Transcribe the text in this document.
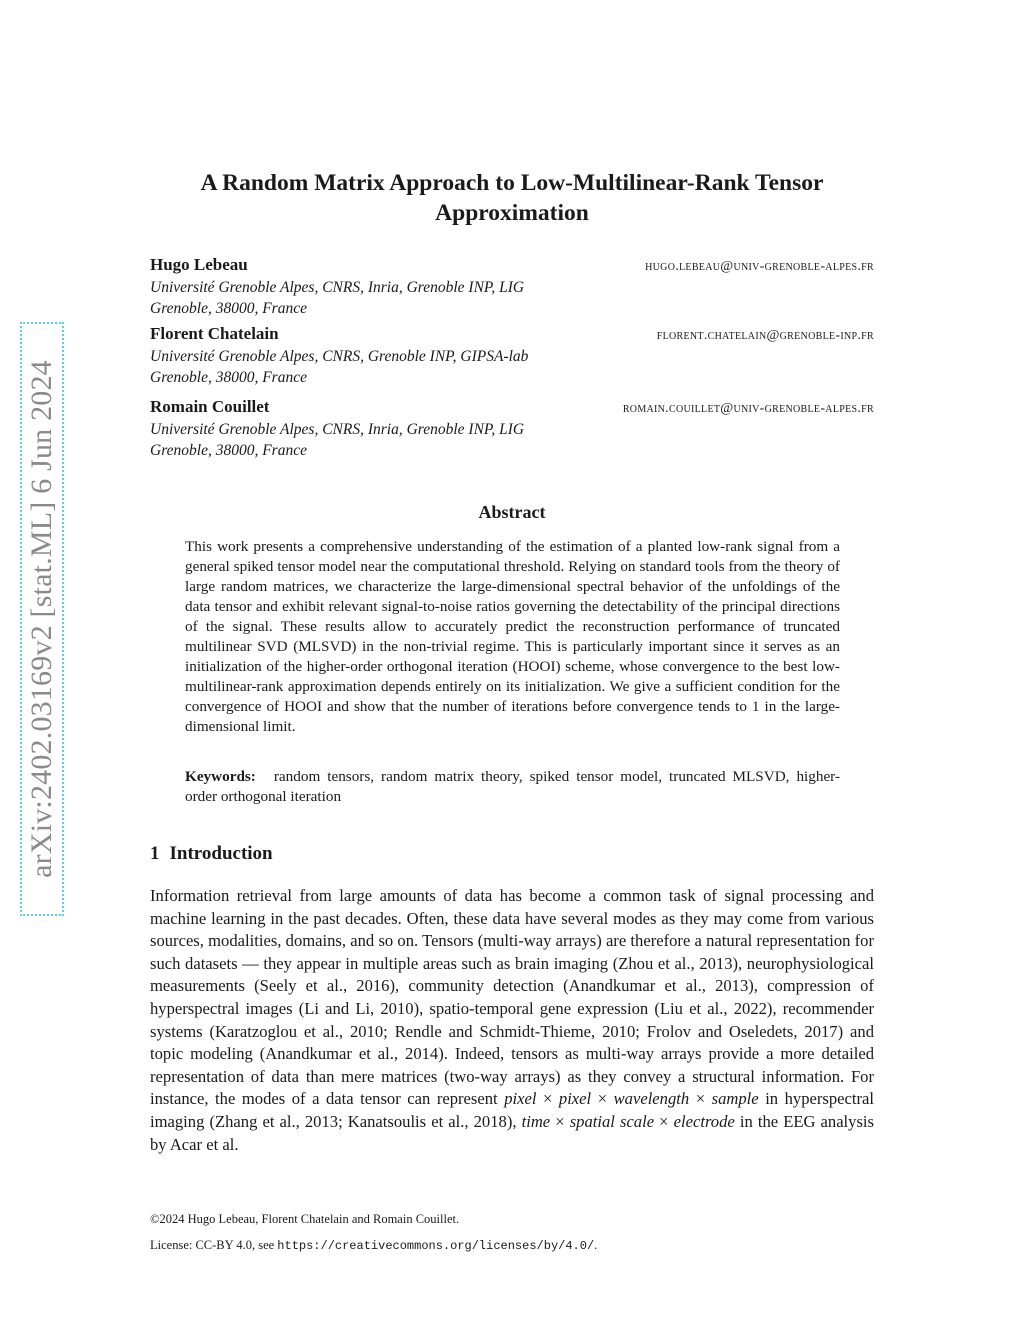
arXiv:2402.03169v2 [stat.ML] 6 Jun 2024
A Random Matrix Approach to Low-Multilinear-Rank Tensor
Approximation
Hugo Lebeau	hugo.lebeau@univ-grenoble-alpes.fr
Université Grenoble Alpes, CNRS, Inria, Grenoble INP, LIG
Grenoble, 38000, France
Florent Chatelain	florent.chatelain@grenoble-inp.fr
Université Grenoble Alpes, CNRS, Grenoble INP, GIPSA-lab
Grenoble, 38000, France
Romain Couillet	romain.couillet@univ-grenoble-alpes.fr
Université Grenoble Alpes, CNRS, Inria, Grenoble INP, LIG
Grenoble, 38000, France
Abstract
This work presents a comprehensive understanding of the estimation of a planted low-rank signal from a general spiked tensor model near the computational threshold. Relying on standard tools from the theory of large random matrices, we characterize the large-dimensional spectral behavior of the unfoldings of the data tensor and exhibit relevant signal-to-noise ratios governing the detectability of the principal directions of the signal. These results allow to accurately predict the reconstruction performance of truncated multilinear SVD (MLSVD) in the non-trivial regime. This is particularly important since it serves as an initialization of the higher-order orthogonal iteration (HOOI) scheme, whose convergence to the best low-multilinear-rank approximation depends entirely on its initialization. We give a sufficient condition for the convergence of HOOI and show that the number of iterations before convergence tends to 1 in the large-dimensional limit.
Keywords: random tensors, random matrix theory, spiked tensor model, truncated MLSVD, higher-order orthogonal iteration
1 Introduction
Information retrieval from large amounts of data has become a common task of signal processing and machine learning in the past decades. Often, these data have several modes as they may come from various sources, modalities, domains, and so on. Tensors (multi-way arrays) are therefore a natural representation for such datasets — they appear in multiple areas such as brain imaging (Zhou et al., 2013), neurophysiological measurements (Seely et al., 2016), community detection (Anandkumar et al., 2013), compression of hyperspectral images (Li and Li, 2010), spatio-temporal gene expression (Liu et al., 2022), recommender systems (Karatzoglou et al., 2010; Rendle and Schmidt-Thieme, 2010; Frolov and Oseledets, 2017) and topic modeling (Anandkumar et al., 2014). Indeed, tensors as multi-way arrays provide a more detailed representation of data than mere matrices (two-way arrays) as they convey a structural information. For instance, the modes of a data tensor can represent pixel × pixel × wavelength × sample in hyperspectral imaging (Zhang et al., 2013; Kanatsoulis et al., 2018), time × spatial scale × electrode in the EEG analysis by Acar et al.
©2024 Hugo Lebeau, Florent Chatelain and Romain Couillet.
License: CC-BY 4.0, see https://creativecommons.org/licenses/by/4.0/.
